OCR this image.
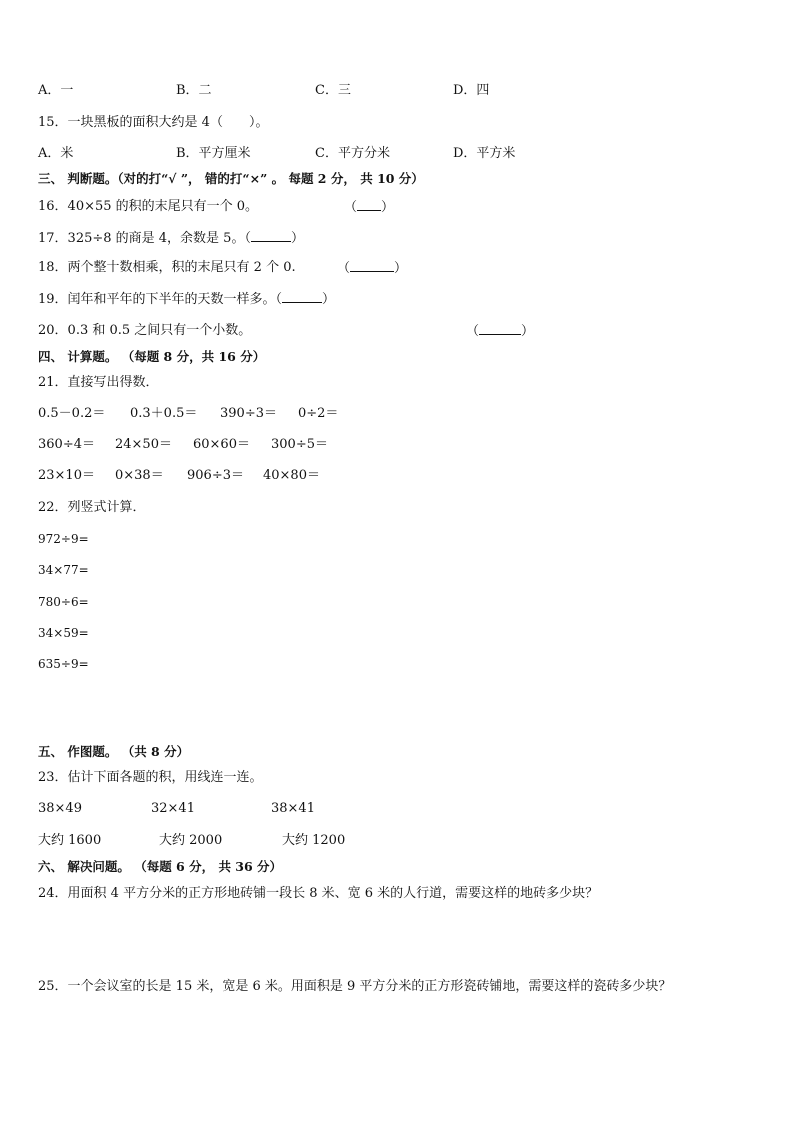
A．一	B．二	C．三	D．四
15．一块黑板的面积大约是 4（　　）。
A．米	B．平方厘米	C．平方分米	D．平方米
三、 判断题。（对的打“√ ”， 错的打“×” 。 每题 2 分， 共 10 分）
16．40×55 的积的末尾只有一个 0。	（ ）
17．325÷8 的商是 4，余数是 5。（	）
18．两个整十数相乘，积的末尾只有 2 个 0.	（	）
19．闰年和平年的下半年的天数一样多。（	）
20．0.3 和 0.5 之间只有一个小数。	（	）
四、 计算题。 （每题 8 分，共 16 分）
21．直接写出得数．
0.5－0.2＝ 0.3＋0.5＝ 390÷3＝ 0÷2＝
360÷4＝ 24×50＝ 60×60＝ 300÷5＝
23×10＝ 0×38＝ 906÷3＝ 40×80＝
22．列竖式计算．
972÷9=
34×77=
780÷6=
34×59=
635÷9=
五、 作图题。 （共 8 分）
23．估计下面各题的积，用线连一连。
38×49	32×41	38×41
大约 1600	大约 2000	大约 1200
六、 解决问题。 （每题 6 分， 共 36 分）
24．用面积 4 平方分米的正方形地砖铺一段长 8 米、宽 6 米的人行道，需要这样的地砖多少块？
25．一个会议室的长是 15 米，宽是 6 米。用面积是 9 平方分米的正方形瓷砖铺地，需要这样的瓷砖多少块？
